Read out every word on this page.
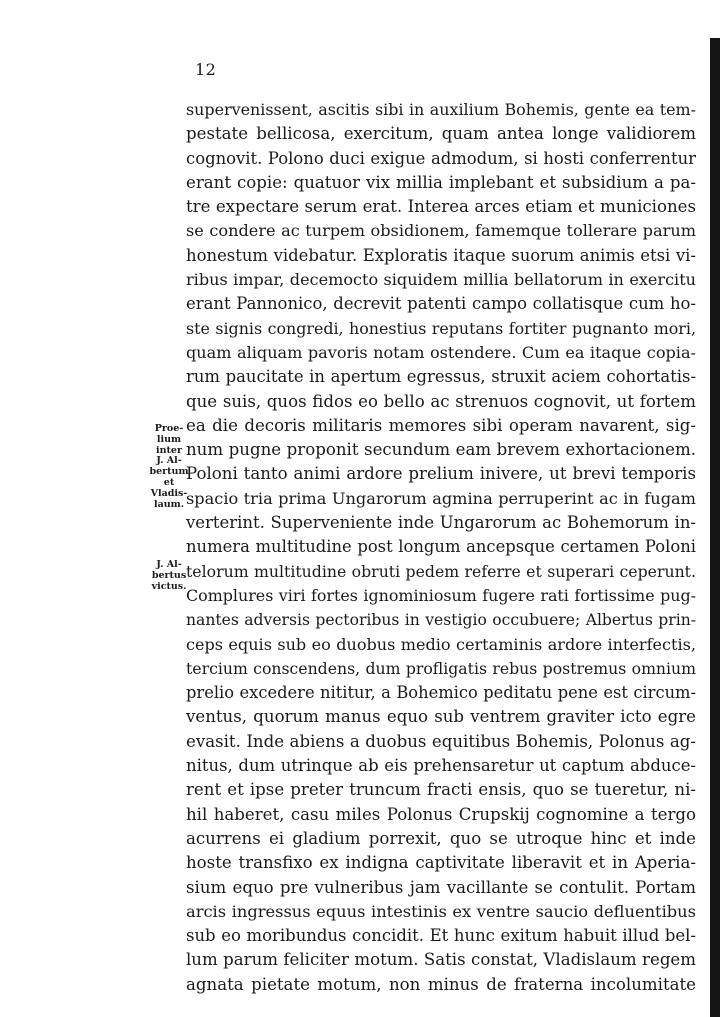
12
supervenissent, ascitis sibi in auxilium Bohemis, gente ea tem-
pestate bellicosa, exercitum, quam antea longe validiorem
cognovit. Polono duci exigue admodum, si hosti conferrentur
erant copie: quatuor vix millia implebant et subsidium a pa-
tre expectare serum erat. Interea arces etiam et municiones
se condere ac turpem obsidionem, famemque tollerare parum
honestum videbatur. Exploratis itaque suorum animis etsi vi-
ribus impar, decemocto siquidem millia bellatorum in exercitu
erant Pannonico, decrevit patenti campo collatisque cum ho-
ste signis congredi, honestius reputans fortiter pugnanto mori,
quam aliquam pavoris notam ostendere. Cum ea itaque copia-
rum paucitate in apertum egressus, struxit aciem cohortatis-
que suis, quos fidos eo bello ac strenuos cognovit, ut fortem
ea die decoris militaris memores sibi operam navarent, sig-
num pugne proponit secundum eam brevem exhortacionem.
Poloni tanto animi ardore prelium inivere, ut brevi temporis
spacio tria prima Ungarorum agmina perruperint ac in fugam
verterint. Superveniente inde Ungarorum ac Bohemorum in-
numera multitudine post longum ancepsque certamen Poloni
telorum multitudine obruti pedem referre et superari ceperunt.
Complures viri fortes ignominiosum fugere rati fortissime pug-
nantes adversis pectoribus in vestigio occubuere; Albertus prin-
ceps equis sub eo duobus medio certaminis ardore interfectis,
tercium conscendens, dum profligatis rebus postremus omnium
prelio excedere nititur, a Bohemico peditatu pene est circum-
ventus, quorum manus equo sub ventrem graviter icto egre
evasit. Inde abiens a duobus equitibus Bohemis, Polonus ag-
nitus, dum utrinque ab eis prehensaretur ut captum abduce-
rent et ipse preter truncum fracti ensis, quo se tueretur, ni-
hil haberet, casu miles Polonus Crupskij cognomine a tergo
acurrens ei gladium porrexit, quo se utroque hinc et inde
hoste transfixo ex indigna captivitate liberavit et in Aperia-
sium equo pre vulneribus jam vacillante se contulit. Portam
arcis ingressus equus intestinis ex ventre saucio defluentibus
sub eo moribundus concidit. Et hunc exitum habuit illud bel-
lum parum feliciter motum. Satis constat, Vladislaum regem
agnata pietate motum, non minus de fraterna incolumitate
Proe-
lium
inter
J. Al-
bertum
et
Vladis-
laum.
J. Al-
bertus
victus.
